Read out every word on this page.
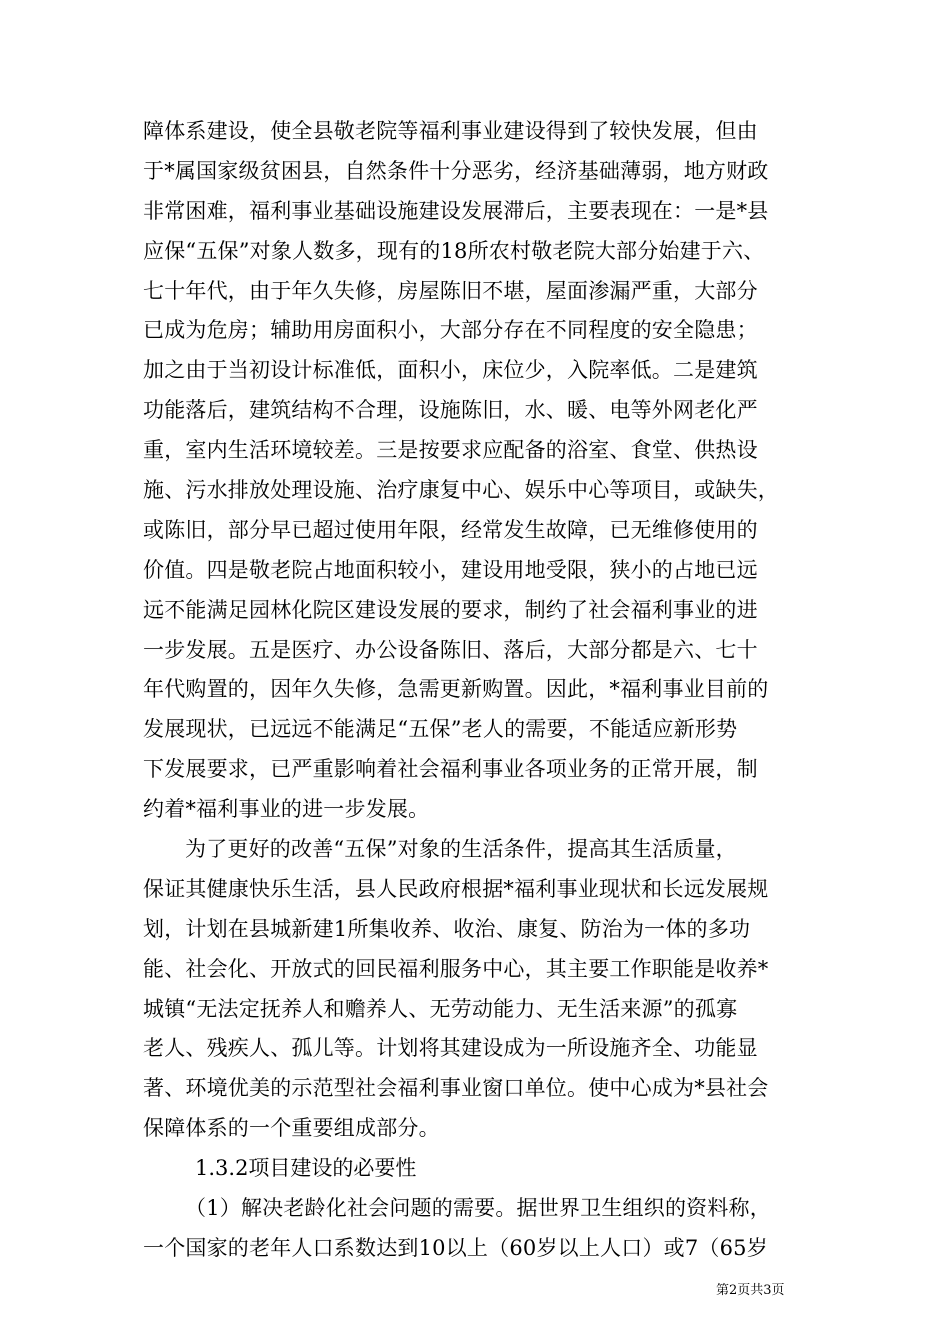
障体系建设，使全县敬老院等福利事业建设得到了较快发展，但由
于*属国家级贫困县，自然条件十分恶劣，经济基础薄弱，地方财政
非常困难，福利事业基础设施建设发展滞后，主要表现在：一是*县
应保“五保”对象人数多，现有的18所农村敬老院大部分始建于六、
七十年代，由于年久失修，房屋陈旧不堪，屋面渗漏严重，大部分
已成为危房；辅助用房面积小，大部分存在不同程度的安全隐患；
加之由于当初设计标准低，面积小，床位少，入院率低。二是建筑
功能落后，建筑结构不合理，设施陈旧，水、暖、电等外网老化严
重，室内生活环境较差。三是按要求应配备的浴室、食堂、供热设
施、污水排放处理设施、治疗康复中心、娱乐中心等项目，或缺失，
或陈旧，部分早已超过使用年限，经常发生故障，已无维修使用的
价值。四是敬老院占地面积较小，建设用地受限，狭小的占地已远
远不能满足园林化院区建设发展的要求，制约了社会福利事业的进
一步发展。五是医疗、办公设备陈旧、落后，大部分都是六、七十
年代购置的，因年久失修，急需更新购置。因此，*福利事业目前的
发展现状，已远远不能满足“五保”老人的需要，不能适应新形势
下发展要求，已严重影响着社会福利事业各项业务的正常开展，制
约着*福利事业的进一步发展。
为了更好的改善“五保”对象的生活条件，提高其生活质量，
保证其健康快乐生活，县人民政府根据*福利事业现状和长远发展规
划，计划在县城新建1所集收养、收治、康复、防治为一体的多功
能、社会化、开放式的回民福利服务中心，其主要工作职能是收养*
城镇“无法定抚养人和赡养人、无劳动能力、无生活来源”的孤寡
老人、残疾人、孤儿等。计划将其建设成为一所设施齐全、功能显
著、环境优美的示范型社会福利事业窗口单位。使中心成为*县社会
保障体系的一个重要组成部分。
1.3.2项目建设的必要性
（1）解决老龄化社会问题的需要。据世界卫生组织的资料称，
一个国家的老年人口系数达到10以上（60岁以上人口）或7（65岁
第2页共3页
